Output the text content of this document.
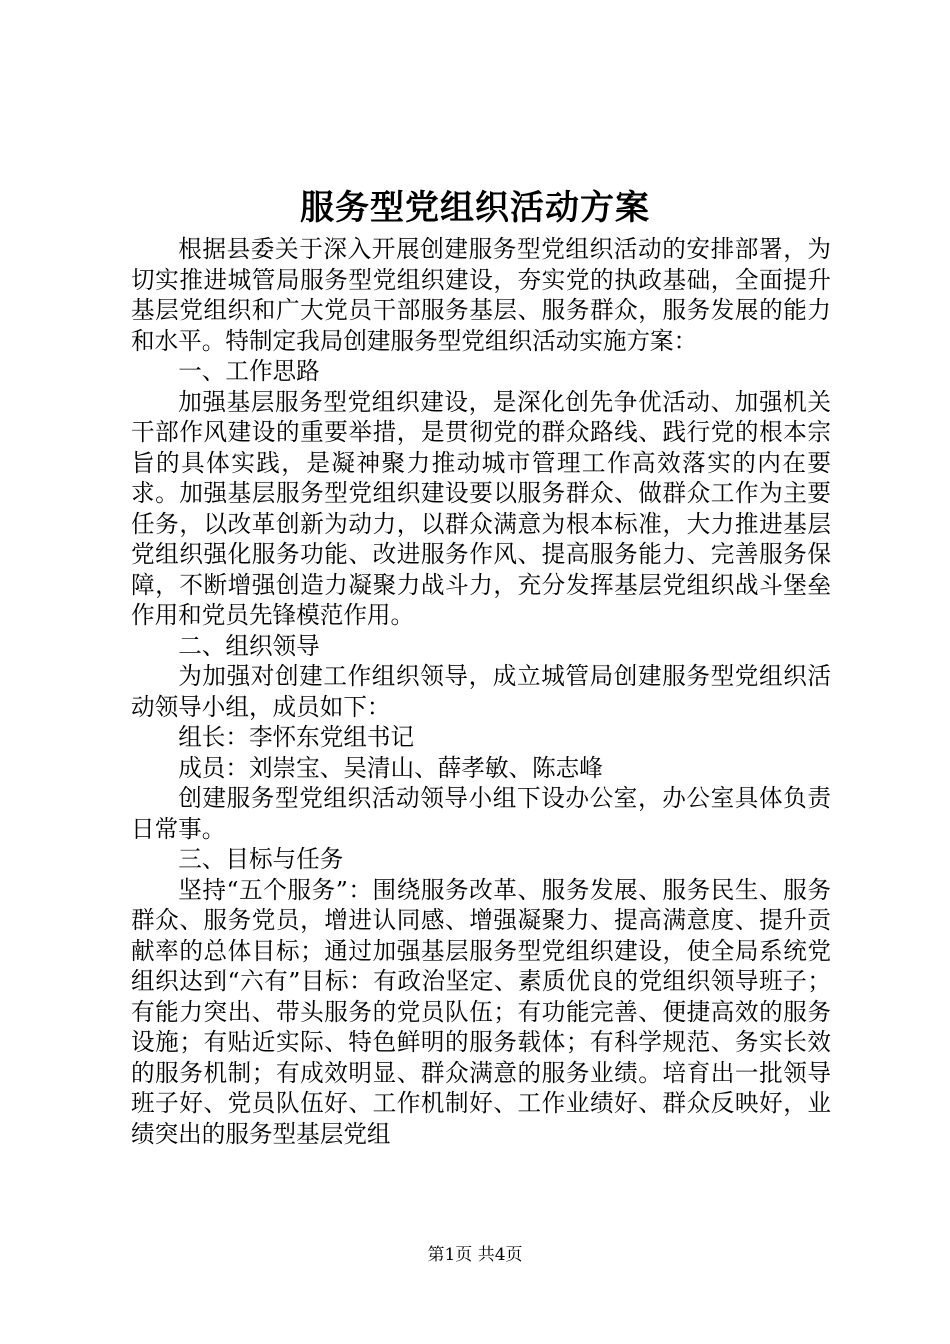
服务型党组织活动方案

根据县委关于深入开展创建服务型党组织活动的安排部署，为切实推进城管局服务型党组织建设，夯实党的执政基础，全面提升基层党组织和广大党员干部服务基层、服务群众，服务发展的能力和水平。特制定我局创建服务型党组织活动实施方案：

一、工作思路

加强基层服务型党组织建设，是深化创先争优活动、加强机关干部作风建设的重要举措，是贯彻党的群众路线、践行党的根本宗旨的具体实践，是凝神聚力推动城市管理工作高效落实的内在要求。加强基层服务型党组织建设要以服务群众、做群众工作为主要任务，以改革创新为动力，以群众满意为根本标准，大力推进基层党组织强化服务功能、改进服务作风、提高服务能力、完善服务保障，不断增强创造力凝聚力战斗力，充分发挥基层党组织战斗堡垒作用和党员先锋模范作用。

二、组织领导

为加强对创建工作组织领导，成立城管局创建服务型党组织活动领导小组，成员如下：

组长：李怀东党组书记

成员：刘崇宝、吴清山、薛孝敏、陈志峰

创建服务型党组织活动领导小组下设办公室，办公室具体负责日常事。

三、目标与任务

坚持“五个服务”：围绕服务改革、服务发展、服务民生、服务群众、服务党员，增进认同感、增强凝聚力、提高满意度、提升贡献率的总体目标；通过加强基层服务型党组织建设，使全局系统党组织达到“六有”目标：有政治坚定、素质优良的党组织领导班子；有能力突出、带头服务的党员队伍；有功能完善、便捷高效的服务设施；有贴近实际、特色鲜明的服务载体；有科学规范、务实长效的服务机制；有成效明显、群众满意的服务业绩。培育出一批领导班子好、党员队伍好、工作机制好、工作业绩好、群众反映好，业绩突出的服务型基层党组

第1页 共4页
